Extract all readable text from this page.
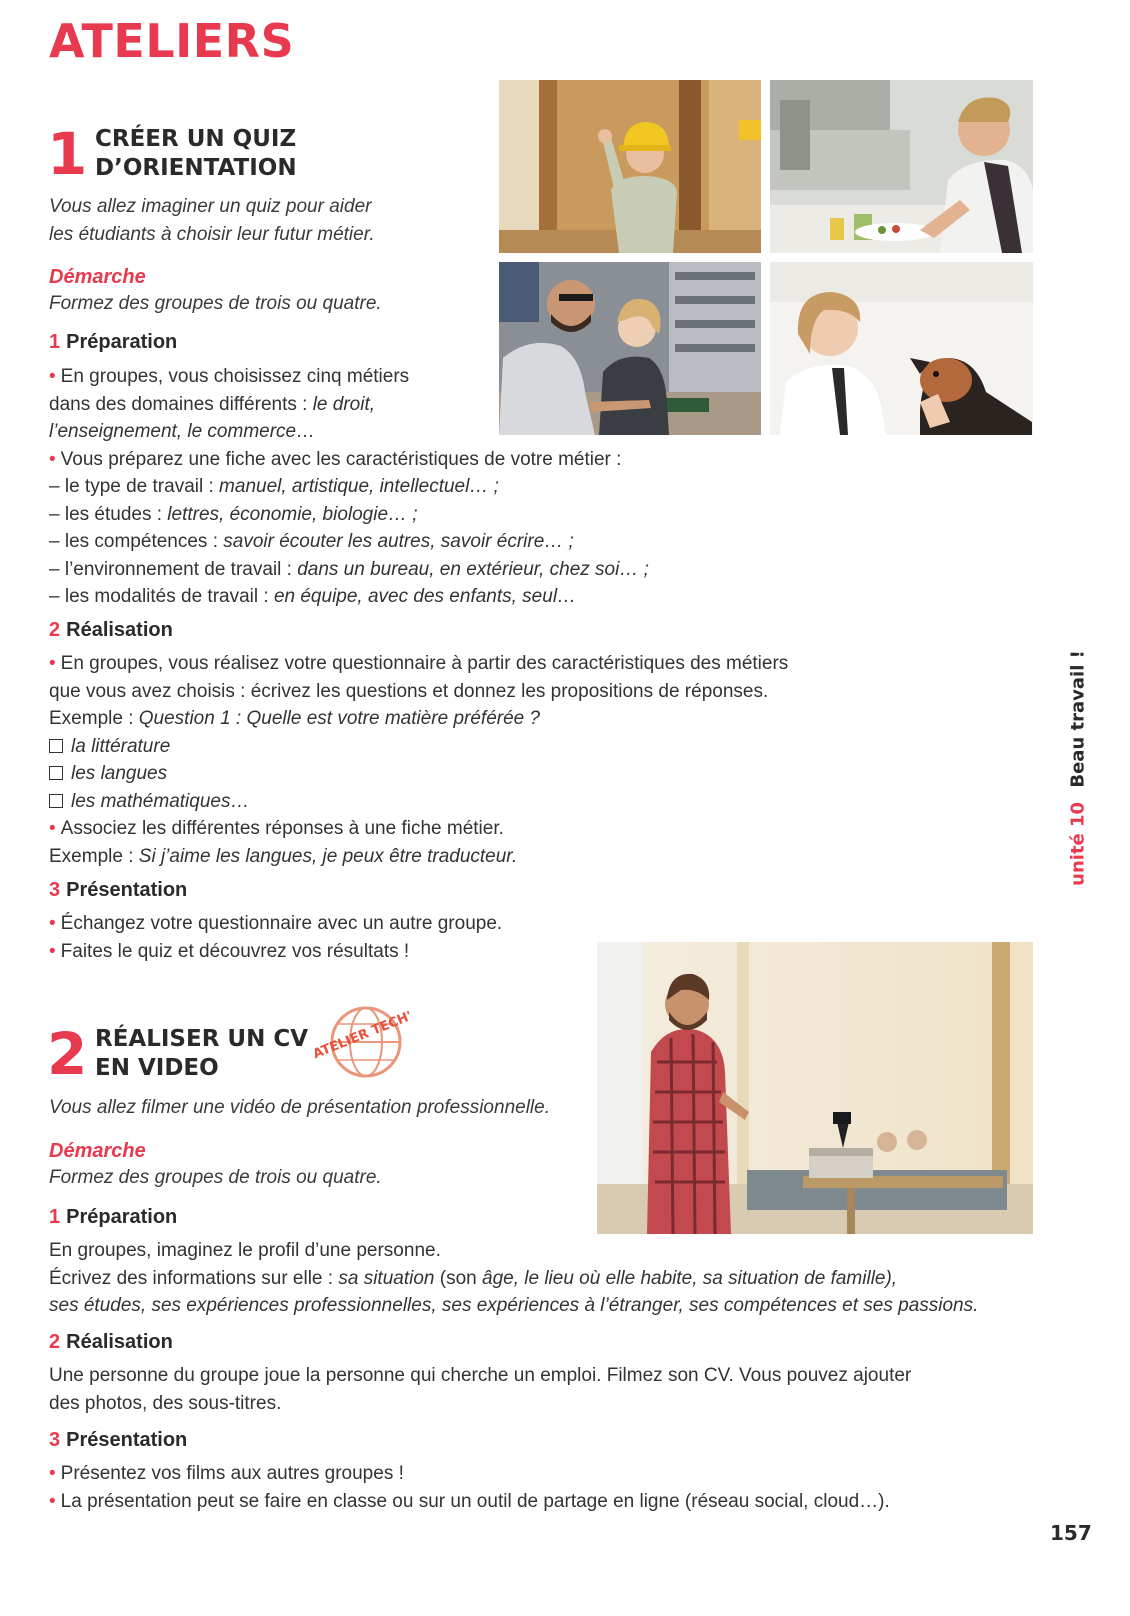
ATELIERS
1 CRÉER UN QUIZ
D’ORIENTATION
Vous allez imaginer un quiz pour aider
les étudiants à choisir leur futur métier.
Démarche
Formez des groupes de trois ou quatre.
1 Préparation
• En groupes, vous choisissez cinq métiers
dans des domaines différents : le droit,
l’enseignement, le commerce…
• Vous préparez une fiche avec les caractéristiques de votre métier :
– le type de travail : manuel, artistique, intellectuel… ;
– les études : lettres, économie, biologie… ;
– les compétences : savoir écouter les autres, savoir écrire… ;
– l’environnement de travail : dans un bureau, en extérieur, chez soi… ;
– les modalités de travail : en équipe, avec des enfants, seul…
2 Réalisation
• En groupes, vous réalisez votre questionnaire à partir des caractéristiques des métiers
que vous avez choisis : écrivez les questions et donnez les propositions de réponses.
Exemple : Question 1 : Quelle est votre matière préférée ?
la littérature
les langues
les mathématiques…
• Associez les différentes réponses à une fiche métier.
Exemple : Si j’aime les langues, je peux être traducteur.
3 Présentation
• Échangez votre questionnaire avec un autre groupe.
• Faites le quiz et découvrez vos résultats !
2 RÉALISER UN CV
EN VIDEO
ATELIER TECH'
Vous allez filmer une vidéo de présentation professionnelle.
Démarche
Formez des groupes de trois ou quatre.
1 Préparation
En groupes, imaginez le profil d’une personne.
Écrivez des informations sur elle : sa situation (son âge, le lieu où elle habite, sa situation de famille),
ses études, ses expériences professionnelles, ses expériences à l’étranger, ses compétences et ses passions.
2 Réalisation
Une personne du groupe joue la personne qui cherche un emploi. Filmez son CV. Vous pouvez ajouter
des photos, des sous-titres.
3 Présentation
• Présentez vos films aux autres groupes !
• La présentation peut se faire en classe ou sur un outil de partage en ligne (réseau social, cloud…).
unité 10 Beau travail !
157
